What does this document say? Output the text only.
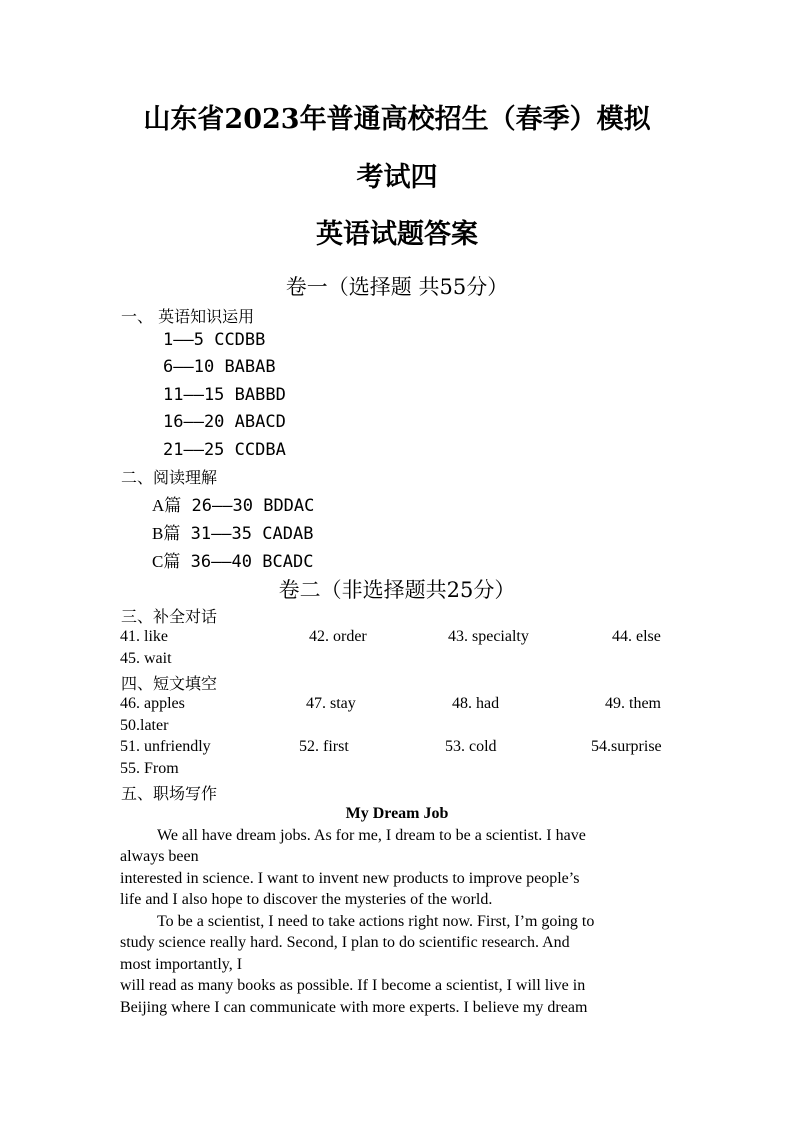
山东省2023年普通高校招生（春季）模拟
考试四
英语试题答案
卷一（选择题 共55分）
一、 英语知识运用
1——5 CCDBB
6——10 BABAB
11——15 BABBD
16——20 ABACD
21——25 CCDBA
二、阅读理解
A篇 26——30 BDDAC
B篇 31——35 CADAB
C篇 36——40 BCADC
卷二（非选择题共25分）
三、补全对话
41. like	42. order	43. specialty	44. else
45. wait
四、短文填空
46. apples	47. stay	48. had	49. them
50.later
51. unfriendly	52. first	53. cold	54.surprise
55. From
五、职场写作
My Dream Job
We all have dream jobs. As for me, I dream to be a scientist. I have
always been
interested in science. I want to invent new products to improve people’s
life and I also hope to discover the mysteries of the world.
To be a scientist, I need to take actions right now. First, I’m going to
study science really hard. Second, I plan to do scientific research. And
most importantly, I
will read as many books as possible. If I become a scientist, I will live in
Beijing where I can communicate with more experts. I believe my dream
